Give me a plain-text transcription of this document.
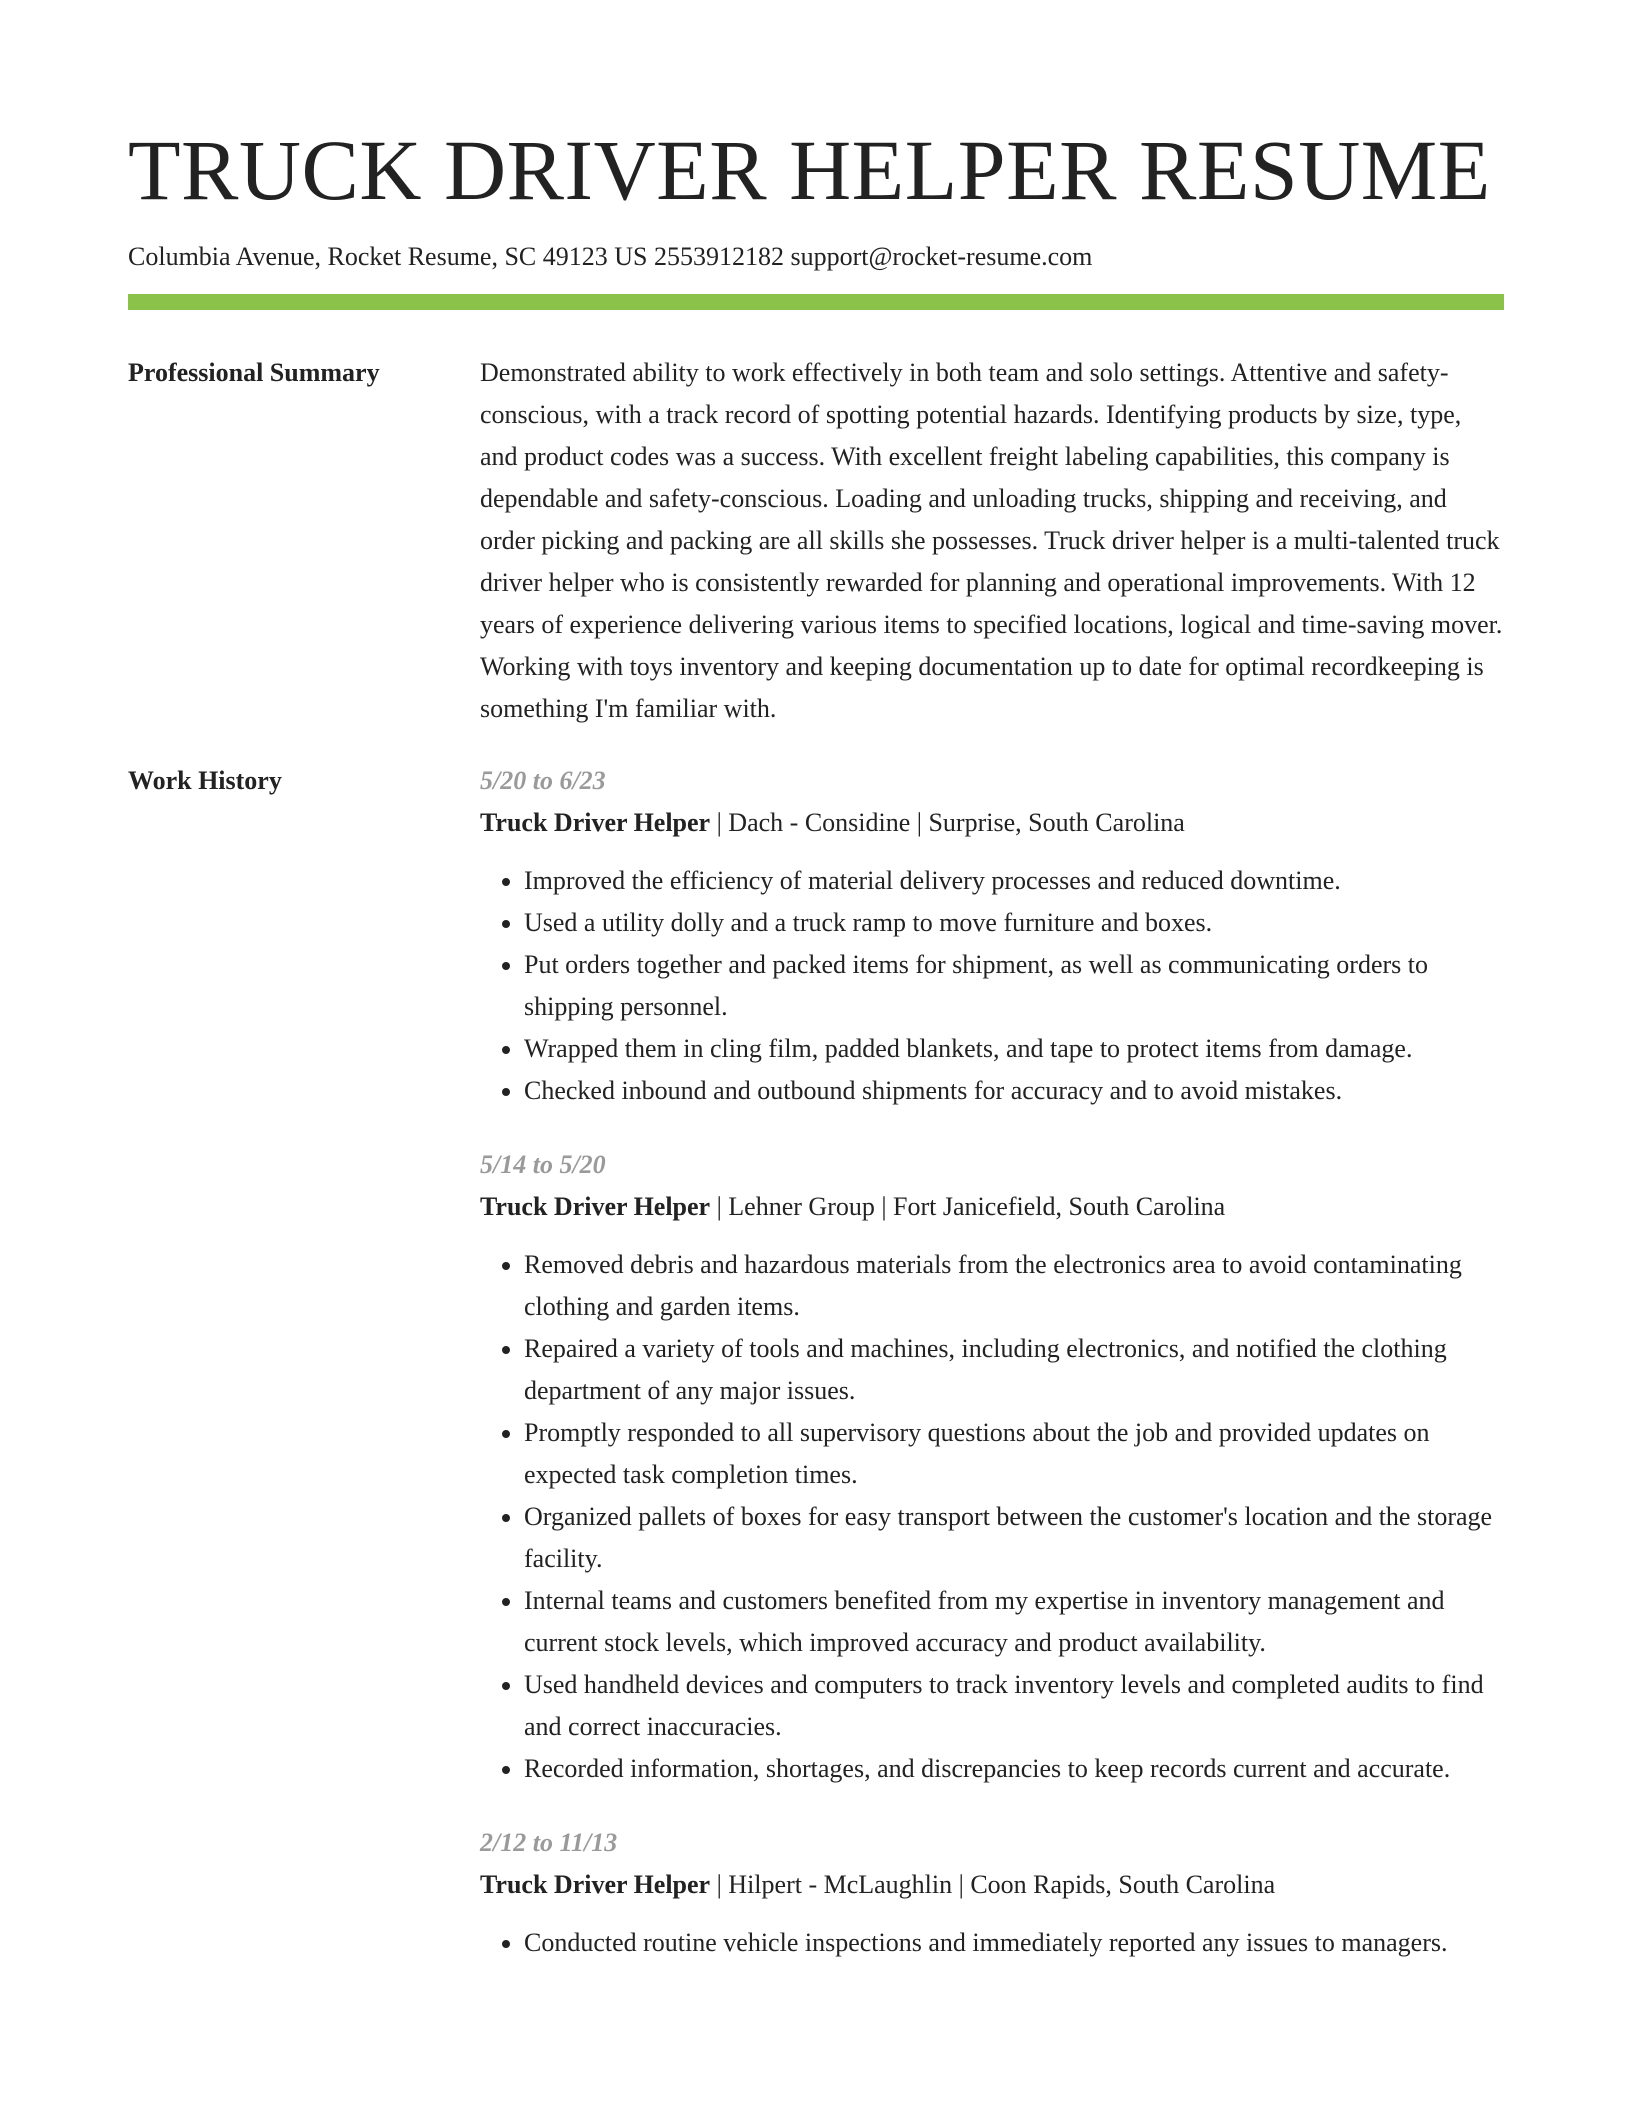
TRUCK DRIVER HELPER RESUME
Columbia Avenue, Rocket Resume, SC 49123 US 2553912182 support@rocket-resume.com
Professional Summary	Demonstrated ability to work effectively in both team and solo settings. Attentive and safety-conscious, with a track record of spotting potential hazards. Identifying products by size, type, and product codes was a success. With excellent freight labeling capabilities, this company is dependable and safety-conscious. Loading and unloading trucks, shipping and receiving, and order picking and packing are all skills she possesses. Truck driver helper is a multi-talented truck driver helper who is consistently rewarded for planning and operational improvements. With 12 years of experience delivering various items to specified locations, logical and time-saving mover. Working with toys inventory and keeping documentation up to date for optimal recordkeeping is something I'm familiar with.

Work History	5/20 to 6/23
Truck Driver Helper | Dach - Considine | Surprise, South Carolina
• Improved the efficiency of material delivery processes and reduced downtime.
• Used a utility dolly and a truck ramp to move furniture and boxes.
• Put orders together and packed items for shipment, as well as communicating orders to shipping personnel.
• Wrapped them in cling film, padded blankets, and tape to protect items from damage.
• Checked inbound and outbound shipments for accuracy and to avoid mistakes.
5/14 to 5/20
Truck Driver Helper | Lehner Group | Fort Janicefield, South Carolina
• Removed debris and hazardous materials from the electronics area to avoid contaminating clothing and garden items.
• Repaired a variety of tools and machines, including electronics, and notified the clothing department of any major issues.
• Promptly responded to all supervisory questions about the job and provided updates on expected task completion times.
• Organized pallets of boxes for easy transport between the customer's location and the storage facility.
• Internal teams and customers benefited from my expertise in inventory management and current stock levels, which improved accuracy and product availability.
• Used handheld devices and computers to track inventory levels and completed audits to find and correct inaccuracies.
• Recorded information, shortages, and discrepancies to keep records current and accurate.
2/12 to 11/13
Truck Driver Helper | Hilpert - McLaughlin | Coon Rapids, South Carolina
• Conducted routine vehicle inspections and immediately reported any issues to managers.
